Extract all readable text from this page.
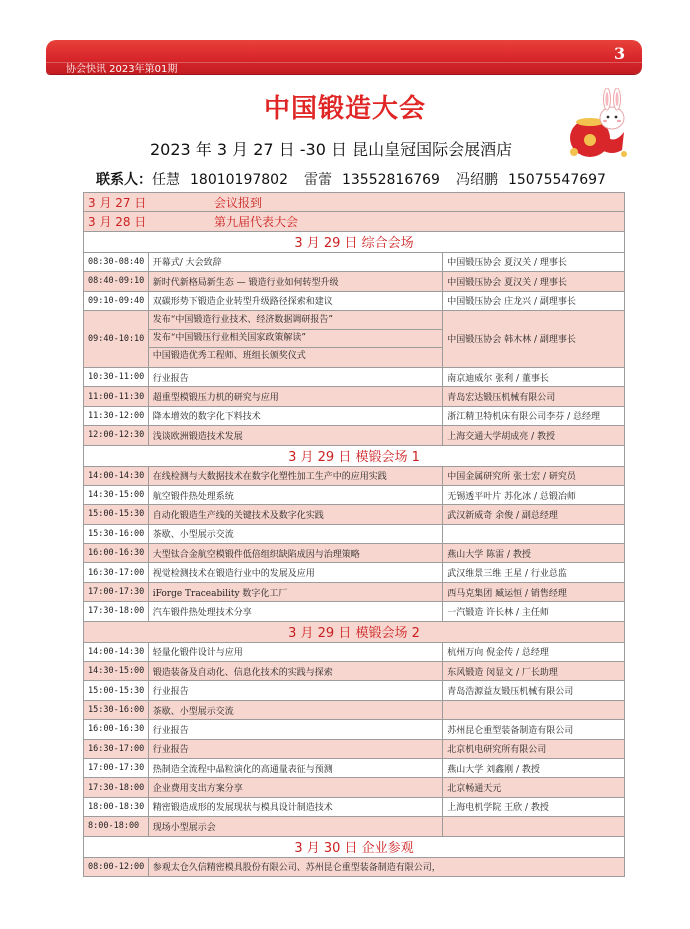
协会快讯 2023年第01期
3
中国锻造大会
2023 年 3 月 27 日 -30 日 昆山皇冠国际会展酒店
联系人： 任慧 18010197802 雷蕾 13552816769 冯绍鹏 15075547697
3 月 27 日 会议报到		
3 月 28 日 第九届代表大会		
3 月 29 日 综合会场		
08:30-08:40	开幕式/ 大会致辞	中国锻压协会 夏汉关 / 理事长
08:40-09:10	新时代新格局新生态 — 锻造行业如何转型升级	中国锻压协会 夏汉关 / 理事长
09:10-09:40	双碳形势下锻造企业转型升级路径探索和建议	中国锻压协会 庄龙兴 / 副理事长
09:40-10:10	发布“中国锻造行业技术、经济数据调研报告”
发布“中国锻压行业相关国家政策解读”
中国锻造优秀工程师、班组长颁奖仪式	中国锻压协会 韩木林 / 副理事长
10:30-11:00	行业报告	南京迪威尔 张利 / 董事长
11:00-11:30	超重型模锻压力机的研究与应用	青岛宏达锻压机械有限公司
11:30-12:00	降本增效的数字化下料技术	浙江精卫特机床有限公司李芬 / 总经理
12:00-12:30	浅谈欧洲锻造技术发展	上海交通大学胡成亮 / 教授
3 月 29 日 模锻会场 1		
14:00-14:30	在线检测与大数据技术在数字化塑性加工生产中的应用实践	中国金属研究所 张士宏 / 研究员
14:30-15:00	航空锻件热处理系统	无锡透平叶片 苏化冰 / 总锻冶师
15:00-15:30	自动化锻造生产线的关键技术及数字化实践	武汉新威奇 余俊 / 副总经理
15:30-16:00	茶歇、小型展示交流	
16:00-16:30	大型钛合金航空模锻件低倍组织缺陷成因与治理策略	燕山大学 陈雷 / 教授
16:30-17:00	视觉检测技术在锻造行业中的发展及应用	武汉维景三维 王星 / 行业总监
17:00-17:30	iForge Traceability 数字化工厂	西马克集团 臧运恒 / 销售经理
17:30-18:00	汽车锻件热处理技术分享	一汽锻造 许长林 / 主任师
3 月 29 日 模锻会场 2		
14:00-14:30	轻量化锻件设计与应用	杭州万向 倪金传 / 总经理
14:30-15:00	锻造装备及自动化、信息化技术的实践与探索	东风锻造 闵显文 / 厂长助理
15:00-15:30	行业报告	青岛浩源益友锻压机械有限公司
15:30-16:00	茶歇、小型展示交流	
16:00-16:30	行业报告	苏州昆仑重型装备制造有限公司
16:30-17:00	行业报告	北京机电研究所有限公司
17:00-17:30	热制造全流程中晶粒演化的高通量表征与预测	燕山大学 刘鑫刚 / 教授
17:30-18:00	企业费用支出方案分享	北京畅通天元
18:00-18:30	精密锻造成形的发展现状与模具设计制造技术	上海电机学院 王欣 / 教授
8:00-18:00	现场小型展示会	
3 月 30 日 企业参观		
08:00-12:00	参观太仓久信精密模具股份有限公司、苏州昆仑重型装备制造有限公司，	
